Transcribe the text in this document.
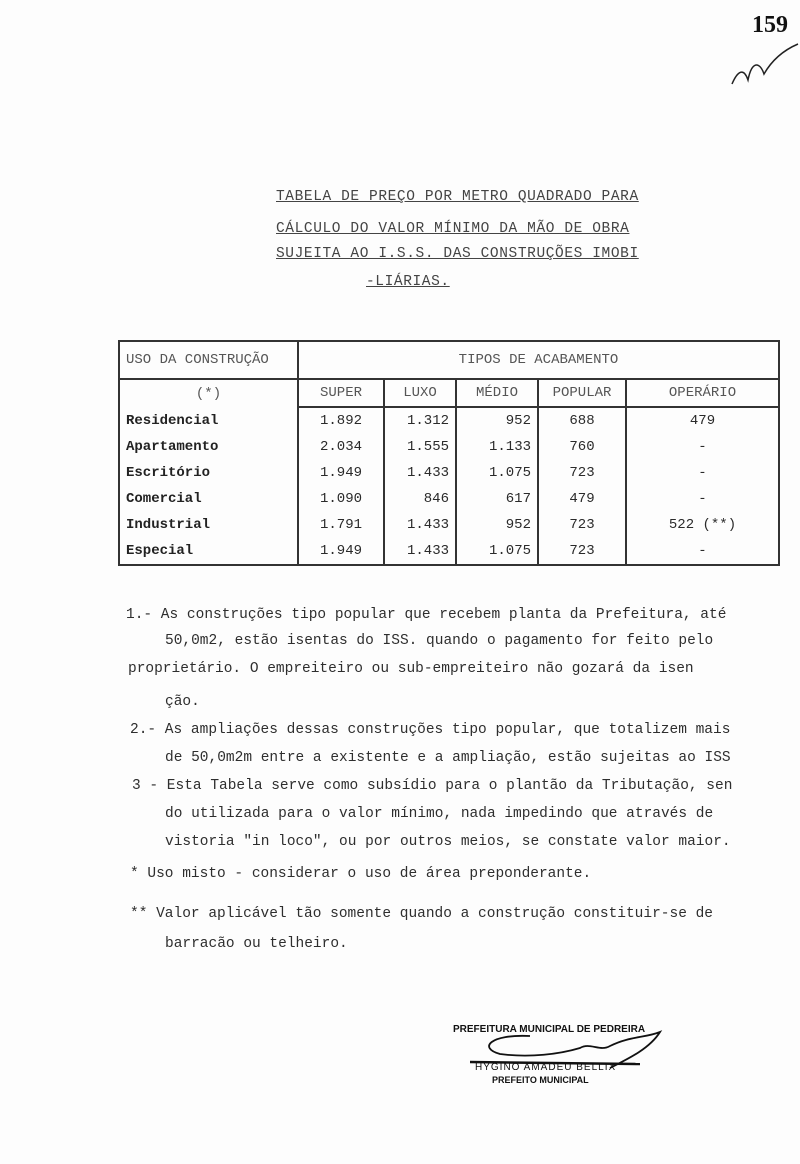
159
TABELA DE PREÇO POR METRO QUADRADO PARA
CÁLCULO DO VALOR MÍNIMO DA MÃO DE OBRA
SUJEITA AO I.S.S. DAS CONSTRUÇÕES IMOBI
-LIÁRIAS.
USO DA CONSTRUÇÃO	TIPOS DE ACABAMENTO				
(*)	SUPER	LUXO	MÉDIO	POPULAR	OPERÁRIO
Residencial	1.892	1.312	952	688	479
Apartamento	2.034	1.555	1.133	760	-
Escritório	1.949	1.433	1.075	723	-
Comercial	1.090	846	617	479	-
Industrial	1.791	1.433	952	723	522 (**)
Especial	1.949	1.433	1.075	723	-
1.- As construções tipo popular que recebem planta da Prefeitura, até
50,0m2, estão isentas do ISS. quando o pagamento for feito pelo
proprietário. O empreiteiro ou sub-empreiteiro não gozará da isen
ção.
2.- As ampliações dessas construções tipo popular, que totalizem mais
de 50,0m2m entre a existente e a ampliação, estão sujeitas ao ISS
3 - Esta Tabela serve como subsídio para o plantão da Tributação, sen
do utilizada para o valor mínimo, nada impedindo que através de
vistoria "in loco", ou por outros meios, se constate valor maior.
* Uso misto - considerar o uso de área preponderante.
** Valor aplicável tão somente quando a construção constituir-se de
barracão ou telheiro.
PREFEITURA MUNICIPAL DE PEDREIRA
HYGINO AMADEU BELLIX
PREFEITO MUNICIPAL
